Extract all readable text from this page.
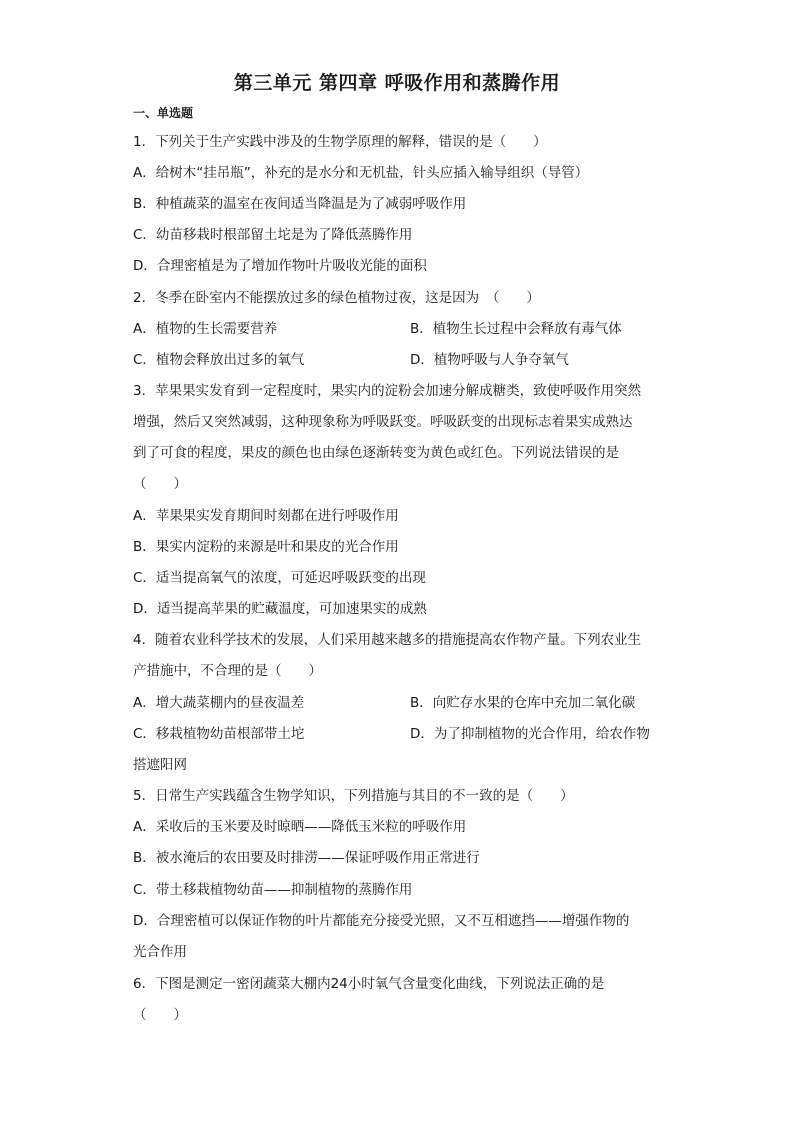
第三单元 第四章 呼吸作用和蒸腾作用
一、单选题
1．下列关于生产实践中涉及的生物学原理的解释，错误的是（　　）
A．给树木“挂吊瓶”，补充的是水分和无机盐，针头应插入输导组织（导管）
B．种植蔬菜的温室在夜间适当降温是为了减弱呼吸作用
C．幼苗移栽时根部留土坨是为了降低蒸腾作用
D．合理密植是为了增加作物叶片吸收光能的面积
2．冬季在卧室内不能摆放过多的绿色植物过夜，这是因为　（　　）
A．植物的生长需要营养	B．植物生长过程中会释放有毒气体
C．植物会释放出过多的氧气	D．植物呼吸与人争夺氧气
3．苹果果实发育到一定程度时，果实内的淀粉会加速分解成糖类，致使呼吸作用突然
增强，然后又突然减弱，这种现象称为呼吸跃变。呼吸跃变的出现标志着果实成熟达
到了可食的程度，果皮的颜色也由绿色逐渐转变为黄色或红色。下列说法错误的是
（　　）
A．苹果果实发育期间时刻都在进行呼吸作用
B．果实内淀粉的来源是叶和果皮的光合作用
C．适当提高氧气的浓度，可延迟呼吸跃变的出现
D．适当提高苹果的贮藏温度，可加速果实的成熟
4．随着农业科学技术的发展，人们采用越来越多的措施提高农作物产量。下列农业生
产措施中，不合理的是（　　）
A．增大蔬菜棚内的昼夜温差	B．向贮存水果的仓库中充加二氧化碳
C．移栽植物幼苗根部带土坨	D．为了抑制植物的光合作用，给农作物
搭遮阳网
5．日常生产实践蕴含生物学知识，下列措施与其目的不一致的是（　　）
A．采收后的玉米要及时晾晒——降低玉米粒的呼吸作用
B．被水淹后的农田要及时排涝——保证呼吸作用正常进行
C．带土移栽植物幼苗——抑制植物的蒸腾作用
D．合理密植可以保证作物的叶片都能充分接受光照，又不互相遮挡——增强作物的
光合作用
6．下图是测定一密闭蔬菜大棚内24小时氧气含量变化曲线，下列说法正确的是
（　　）
